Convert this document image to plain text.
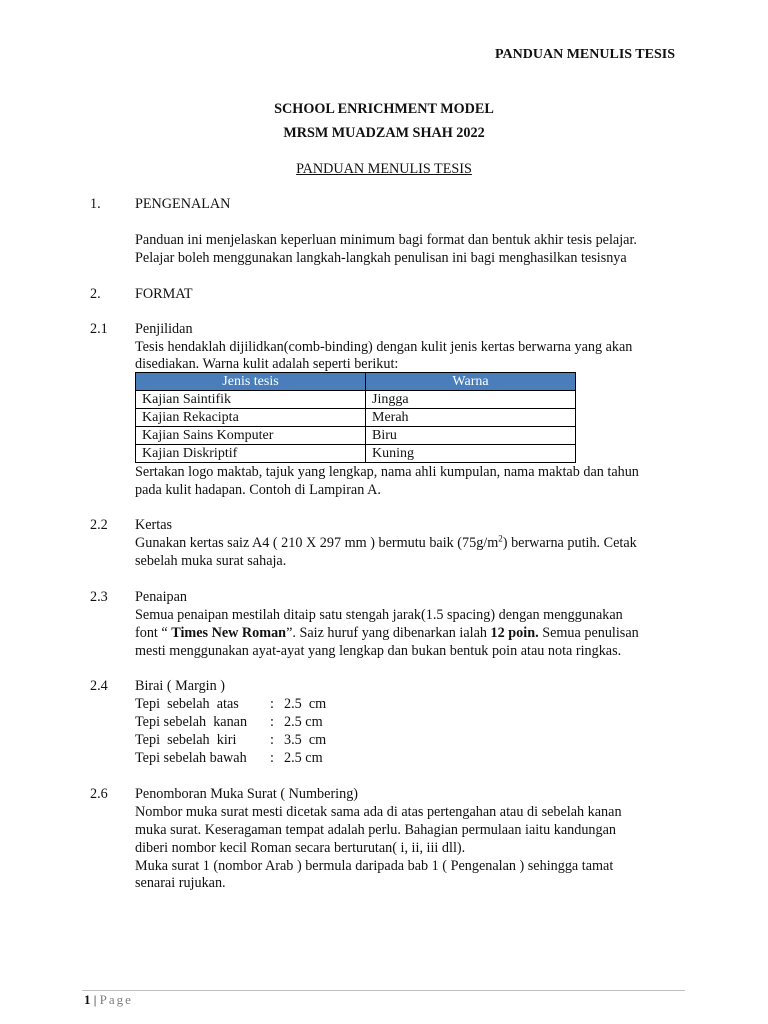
PANDUAN MENULIS TESIS
SCHOOL ENRICHMENT MODEL
MRSM MUADZAM SHAH 2022
PANDUAN MENULIS TESIS
1. PENGENALAN
Panduan ini menjelaskan keperluan minimum bagi format dan bentuk akhir tesis pelajar.
Pelajar boleh menggunakan langkah-langkah penulisan ini bagi menghasilkan tesisnya
2. FORMAT
2.1 Penjilidan
Tesis hendaklah dijilidkan(comb-binding) dengan kulit jenis kertas berwarna yang akan
disediakan. Warna kulit adalah seperti berikut:
Jenis tesis	Warna
Kajian Saintifik	Jingga
Kajian Rekacipta	Merah
Kajian Sains Komputer	Biru
Kajian Diskriptif	Kuning
Sertakan logo maktab, tajuk yang lengkap, nama ahli kumpulan, nama maktab dan tahun
pada kulit hadapan. Contoh di Lampiran A.
2.2 Kertas
Gunakan kertas saiz A4 ( 210 X 297 mm ) bermutu baik $(75g/m^2)$ berwarna putih. Cetak
sebelah muka surat sahaja.
2.3 Penaipan
Semua penaipan mestilah ditaip satu stengah jarak(1.5 spacing) dengan menggunakan
font “ Times New Roman”. Saiz huruf yang dibenarkan ialah 12 poin. Semua penulisan
mesti menggunakan ayat-ayat yang lengkap dan bukan bentuk poin atau nota ringkas.
2.4 Birai ( Margin )
Tepi  sebelah  atas	: 2.5  cm
Tepi sebelah  kanan	: 2.5 cm
Tepi  sebelah  kiri	: 3.5  cm
Tepi sebelah bawah	: 2.5 cm
2.6 Penomboran Muka Surat ( Numbering)
Nombor muka surat mesti dicetak sama ada di atas pertengahan atau di sebelah kanan
muka surat. Keseragaman tempat adalah perlu. Bahagian permulaan iaitu kandungan
diberi nombor kecil Roman secara berturutan( i, ii, iii dll).
Muka surat 1 (nombor Arab ) bermula daripada bab 1 ( Pengenalan ) sehingga tamat
senarai rujukan.
1 | Page
